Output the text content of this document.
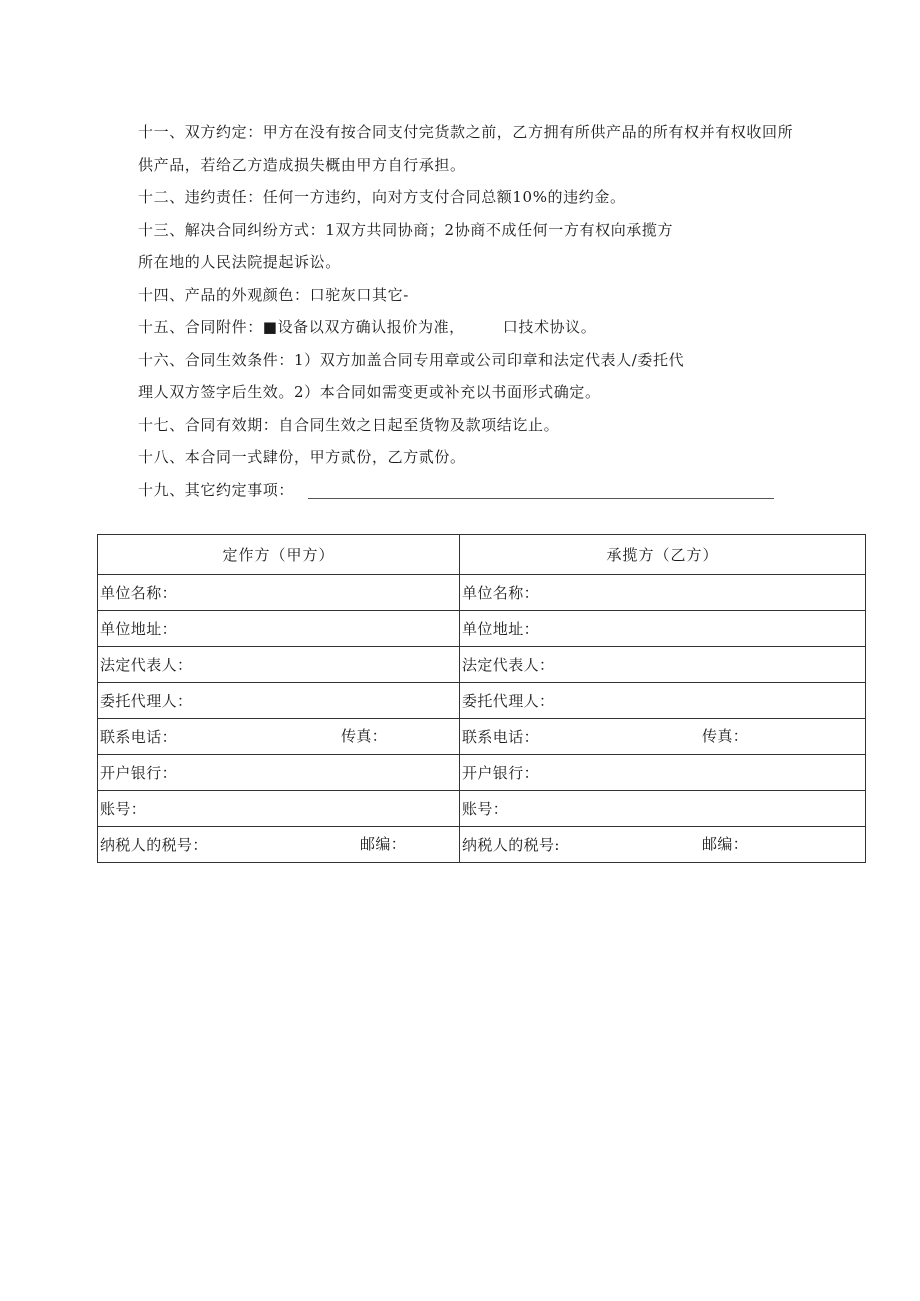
十一、双方约定：甲方在没有按合同支付完货款之前，乙方拥有所供产品的所有权并有权收回所
供产品，若给乙方造成损失概由甲方自行承担。
十二、违约责任：任何一方违约，向对方支付合同总额10%的违约金。
十三、解决合同纠纷方式：1双方共同协商；2协商不成任何一方有权向承揽方
所在地的人民法院提起诉讼。
十四、产品的外观颜色：口驼灰口其它-
十五、合同附件：■设备以双方确认报价为准，	口技术协议。
十六、合同生效条件：1）双方加盖合同专用章或公司印章和法定代表人/委托代
理人双方签字后生效。2）本合同如需变更或补充以书面形式确定。
十七、合同有效期：自合同生效之日起至货物及款项结讫止。
十八、本合同一式肆份，甲方贰份，乙方贰份。
十九、其它约定事项：
定作方（甲方）	承揽方（乙方）
单位名称：	单位名称：
单位地址：	单位地址：
法定代表人：	法定代表人：
委托代理人：	委托代理人：
联系电话： 传真：	联系电话： 传真：

开户银行：	开户银行：
账号：	账号：
纳税人的税号： 邮编：	纳税人的税号: 邮编：
